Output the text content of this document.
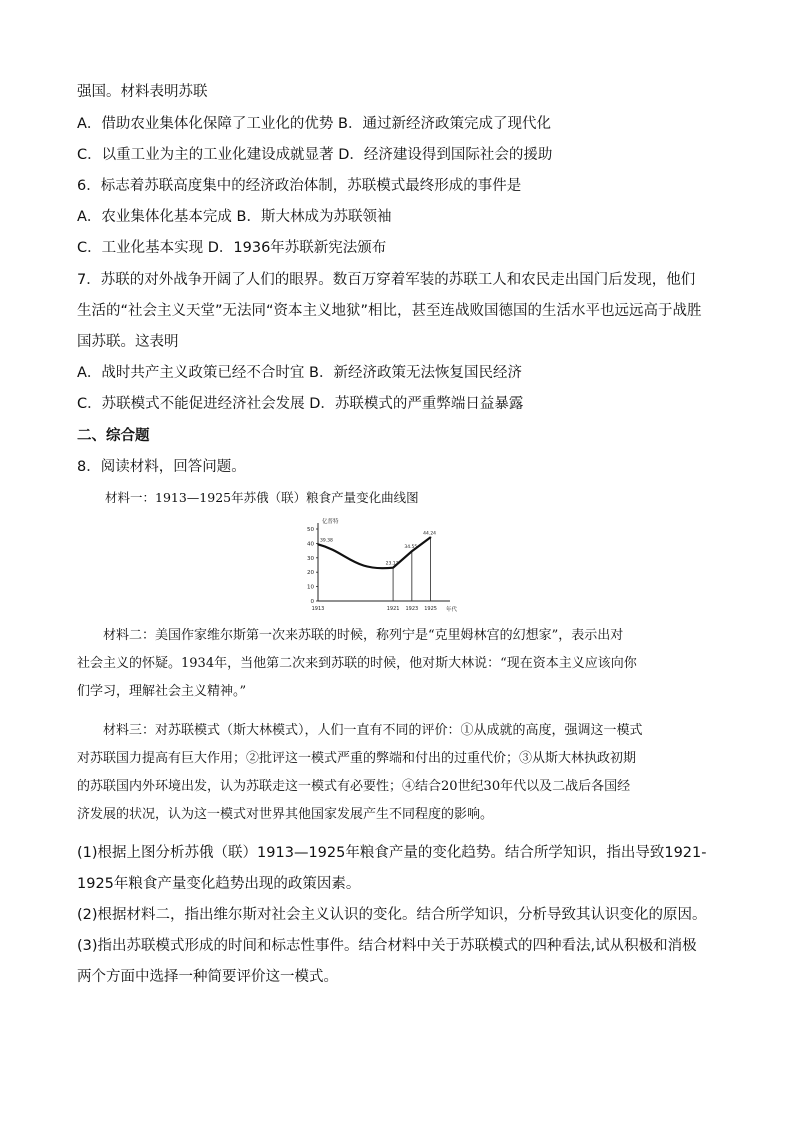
强国。材料表明苏联
A．借助农业集体化保障了工业化的优势 B．通过新经济政策完成了现代化
C．以重工业为主的工业化建设成就显著 D．经济建设得到国际社会的援助
6．标志着苏联高度集中的经济政治体制，苏联模式最终形成的事件是
A．农业集体化基本完成 B．斯大林成为苏联领袖
C．工业化基本实现 D．1936年苏联新宪法颁布
7．苏联的对外战争开阔了人们的眼界。数百万穿着军装的苏联工人和农民走出国门后发现，他们
生活的“社会主义天堂”无法同“资本主义地狱”相比，甚至连战败国德国的生活水平也远远高于战胜
国苏联。这表明
A．战时共产主义政策已经不合时宜 B．新经济政策无法恢复国民经济
C．苏联模式不能促进经济社会发展 D．苏联模式的严重弊端日益暴露
二、综合题
8．阅读材料，回答问题。
材料一：1913—1925年苏俄（联）粮食产量变化曲线图
亿普特
年代
0
10
20
30
40
50
39.38
1913
23.13
1921
34.55
1923
44.24
1925
材料二：美国作家维尔斯第一次来苏联的时候，称列宁是“克里姆林宫的幻想家”，表示出对
社会主义的怀疑。1934年，当他第二次来到苏联的时候，他对斯大林说：“现在资本主义应该向你
们学习，理解社会主义精神。”
材料三：对苏联模式（斯大林模式），人们一直有不同的评价：①从成就的高度，强调这一模式
对苏联国力提高有巨大作用；②批评这一模式严重的弊端和付出的过重代价；③从斯大林执政初期
的苏联国内外环境出发，认为苏联走这一模式有必要性；④结合20世纪30年代以及二战后各国经
济发展的状况，认为这一模式对世界其他国家发展产生不同程度的影响。
(1)根据上图分析苏俄（联）1913—1925年粮食产量的变化趋势。结合所学知识，指出导致1921-
1925年粮食产量变化趋势出现的政策因素。
(2)根据材料二，指出维尔斯对社会主义认识的变化。结合所学知识，分析导致其认识变化的原因。
(3)指出苏联模式形成的时间和标志性事件。结合材料中关于苏联模式的四种看法,试从积极和消极
两个方面中选择一种简要评价这一模式。
